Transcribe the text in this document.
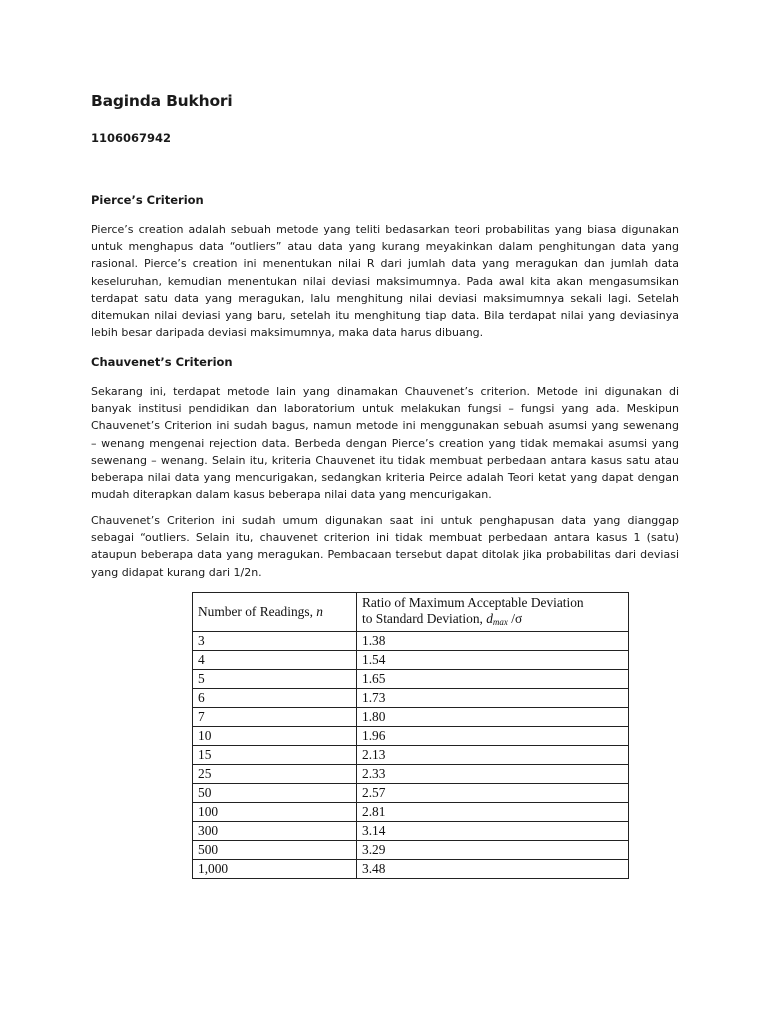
Baginda Bukhori
1106067942
Pierce’s Criterion

Pierce’s creation adalah sebuah metode yang teliti bedasarkan teori probabilitas yang biasa digunakan
untuk menghapus data “outliers” atau data yang kurang meyakinkan dalam penghitungan data yang
rasional. Pierce’s creation ini menentukan nilai R dari jumlah data yang meragukan dan jumlah data
keseluruhan, kemudian menentukan nilai deviasi maksimumnya. Pada awal kita akan mengasumsikan
terdapat satu data yang meragukan, lalu menghitung nilai deviasi maksimumnya sekali lagi. Setelah
ditemukan nilai deviasi yang baru, setelah itu menghitung tiap data. Bila terdapat nilai yang deviasinya
lebih besar daripada deviasi maksimumnya, maka data harus dibuang.

Chauvenet’s Criterion

Sekarang ini, terdapat metode lain yang dinamakan Chauvenet’s criterion. Metode ini digunakan di
banyak institusi pendidikan dan laboratorium untuk melakukan fungsi – fungsi yang ada. Meskipun
Chauvenet’s Criterion ini sudah bagus, namun metode ini menggunakan sebuah asumsi yang sewenang
– wenang mengenai rejection data. Berbeda dengan Pierce’s creation yang tidak memakai asumsi yang
sewenang – wenang. Selain itu, kriteria Chauvenet itu tidak membuat perbedaan antara kasus satu atau
beberapa nilai data yang mencurigakan, sedangkan kriteria Peirce adalah Teori ketat yang dapat dengan
mudah diterapkan dalam kasus beberapa nilai data yang mencurigakan.

Chauvenet’s Criterion ini sudah umum digunakan saat ini untuk penghapusan data yang dianggap
sebagai “outliers. Selain itu, chauvenet criterion ini tidak membuat perbedaan antara kasus 1 (satu)
ataupun beberapa data yang meragukan. Pembacaan tersebut dapat ditolak jika probabilitas dari deviasi
yang didapat kurang dari 1/2n.

Number of Readings, n	Ratio of Maximum Acceptable Deviation
to Standard Deviation, $d_{max}$ /σ
3	1.38
4	1.54
5	1.65
6	1.73
7	1.80
10	1.96
15	2.13
25	2.33
50	2.57
100	2.81
300	3.14
500	3.29
1,000	3.48
